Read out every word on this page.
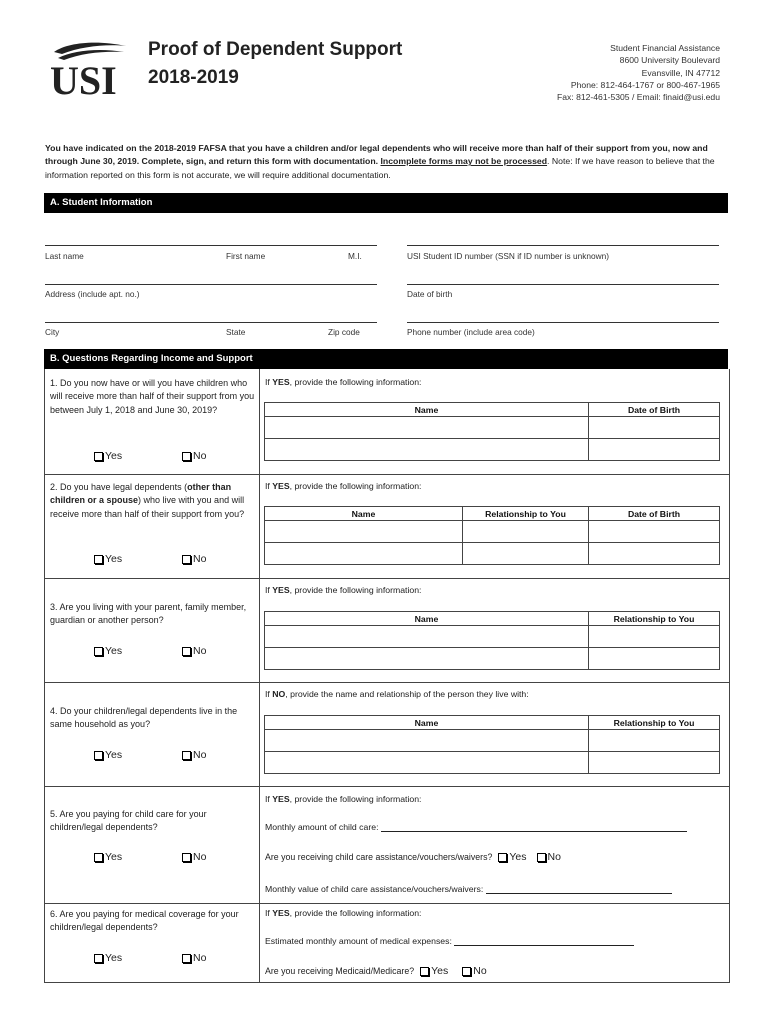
USI
Proof of Dependent Support
2018-2019
Student Financial Assistance
8600 University Boulevard
Evansville, IN 47712
Phone: 812-464-1767 or 800-467-1965
Fax: 812-461-5305 / Email: finaid@usi.edu
You have indicated on the 2018-2019 FAFSA that you have a children and/or legal dependents who will receive more than half of their support from you, now and through June 30, 2019. Complete, sign, and return this form with documentation. Incomplete forms may not be processed. Note: If we have reason to believe that the information reported on this form is not accurate, we will require additional documentation.
A. Student Information
Last name	First name	M.I.	USI Student ID number (SSN if ID number is unknown)
Address (include apt. no.)	Date of birth
City	State	Zip code	Phone number (include area code)
B. Questions Regarding Income and Support
1. Do you now have or will you have children who will receive more than half of their support from you between July 1, 2018 and June 30, 2019?
Yes	No
If YES, provide the following information:
Name	Date of Birth

2. Do you have legal dependents (other than children or a spouse) who live with you and will receive more than half of their support from you?
Yes	No
If YES, provide the following information:
Name	Relationship to You	Date of Birth

3. Are you living with your parent, family member, guardian or another person?
Yes	No
If YES, provide the following information:
Name	Relationship to You

4. Do your children/legal dependents live in the same household as you?
Yes	No
If NO, provide the name and relationship of the person they live with:
Name	Relationship to You

5. Are you paying for child care for your children/legal dependents?
Yes	No
If YES, provide the following information:
Monthly amount of child care:
Are you receiving child care assistance/vouchers/waivers? Yes No
Monthly value of child care assistance/vouchers/waivers:
6. Are you paying for medical coverage for your children/legal dependents?
Yes	No
If YES, provide the following information:
Estimated monthly amount of medical expenses:
Are you receiving Medicaid/Medicare? Yes No
